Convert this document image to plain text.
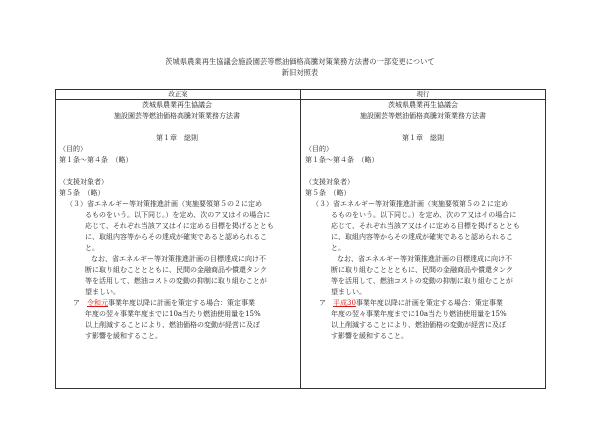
茨城県農業再生協議会施設園芸等燃油価格高騰対策業務方法書の一部変更について
新旧対照表
改正案	現行
茨城県農業再生協議会
施設園芸等燃油価格高騰対策業務方法書
第１章　総則
（目的）
第１条〜第４条　（略）
（支援対象者）
第５条　（略）
（３）省エネルギー等対策推進計画（実施要領第５の２に定め
るものをいう。以下同じ。）を定め、次のア又はイの場合に
応じて、それぞれ当該ア又はイに定める目標を掲げるととも
に、取組内容等からその達成が確実であると認められるこ
と。
なお、省エネルギー等対策推進計画の目標達成に向け不
断に取り組むこととともに、民間の金融商品や償還タンク
等を活用して、燃油コストの変動の抑制に取り組むことが
望ましい。
ア　令和元事業年度以降に計画を策定する場合：策定事業
年度の翌々事業年度までに10a当たり燃油使用量を15%
以上削減することにより、燃油価格の変動が経営に及ぼ
す影響を緩和すること。
茨城県農業再生協議会
施設園芸等燃油価格高騰対策業務方法書
第１章　総則
（目的）
第１条〜第４条　（略）
（支援対象者）
第５条　（略）
（３）省エネルギー等対策推進計画（実施要領第５の２に定め
るものをいう。以下同じ。）を定め、次のア又はイの場合に
応じて、それぞれ当該ア又はイに定める目標を掲げるととも
に、取組内容等からその達成が確実であると認められるこ
と。
なお、省エネルギー等対策推進計画の目標達成に向け不
断に取り組むこととともに、民間の金融商品や償還タンク
等を活用して、燃油コストの変動の抑制に取り組むことが
望ましい。
ア　平成30事業年度以降に計画を策定する場合：策定事業
年度の翌々事業年度までに10a当たり燃油使用量を15%
以上削減することにより、燃油価格の変動が経営に及ぼ
す影響を緩和すること。
